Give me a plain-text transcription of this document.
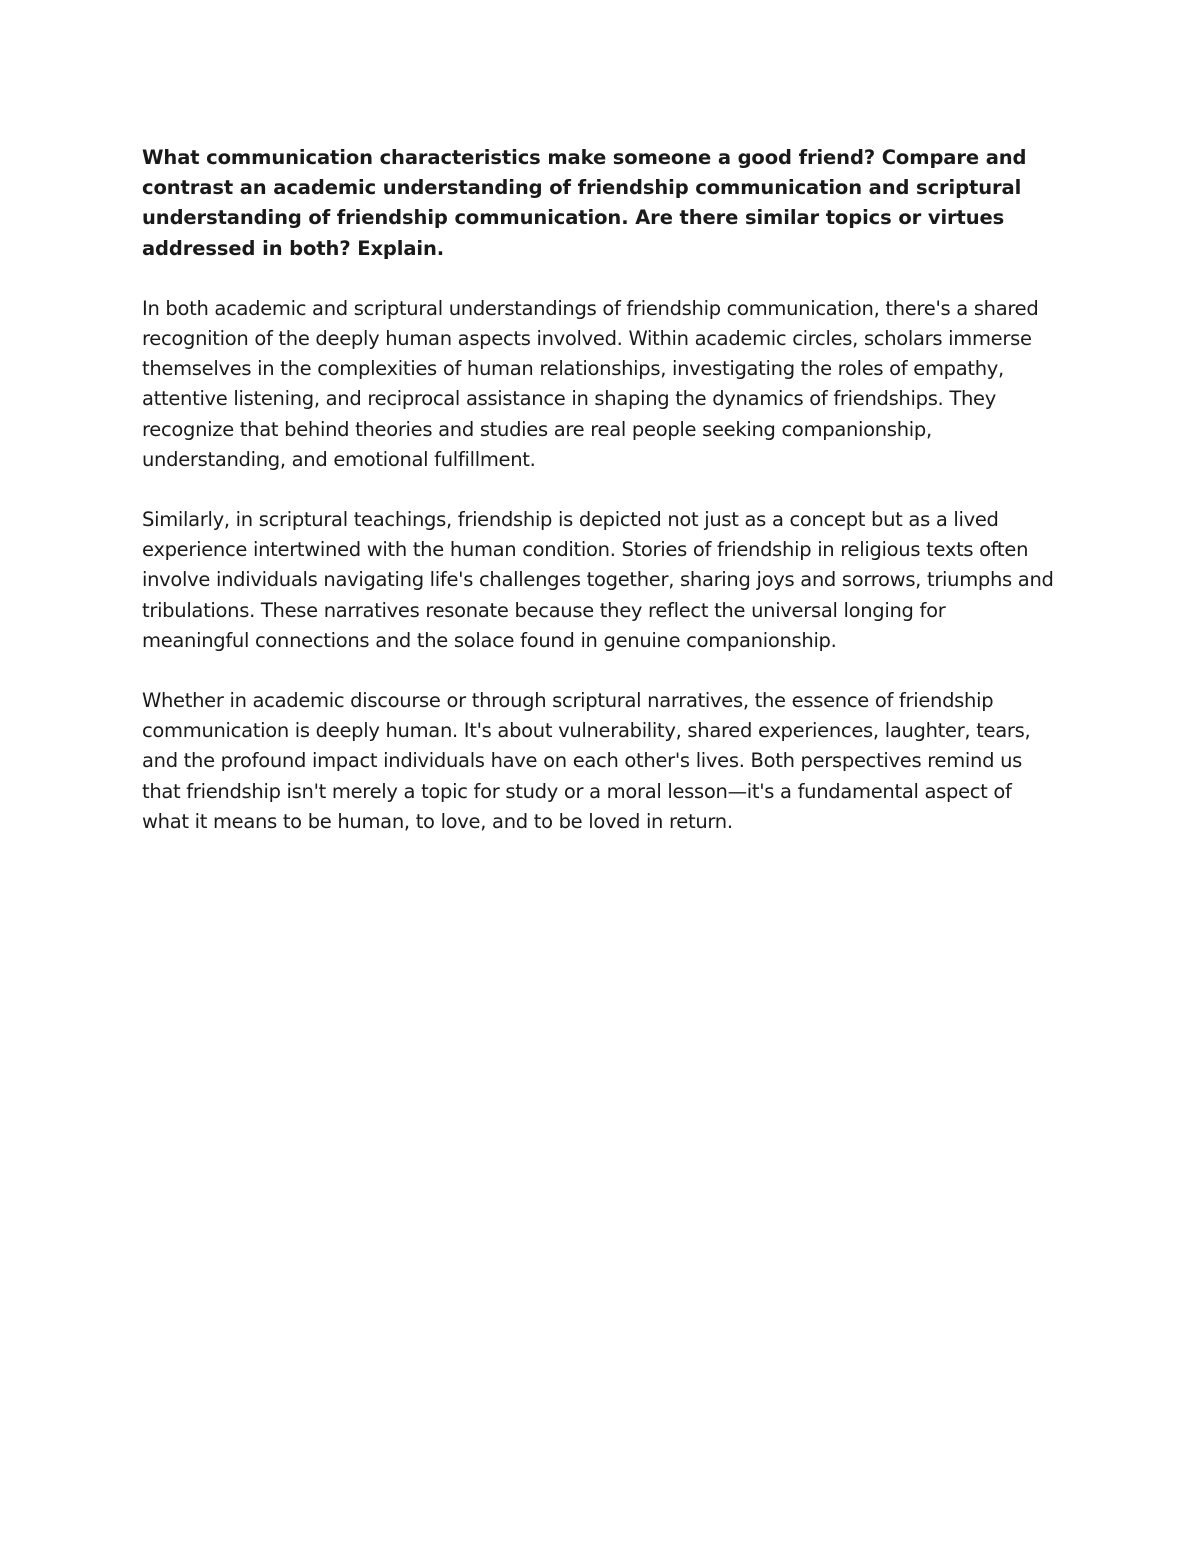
What communication characteristics make someone a good friend? Compare and contrast an academic understanding of friendship communication and scriptural understanding of friendship communication. Are there similar topics or virtues addressed in both? Explain.

In both academic and scriptural understandings of friendship communication, there's a shared recognition of the deeply human aspects involved. Within academic circles, scholars immerse themselves in the complexities of human relationships, investigating the roles of empathy, attentive listening, and reciprocal assistance in shaping the dynamics of friendships. They recognize that behind theories and studies are real people seeking companionship, understanding, and emotional fulfillment.

Similarly, in scriptural teachings, friendship is depicted not just as a concept but as a lived experience intertwined with the human condition. Stories of friendship in religious texts often involve individuals navigating life's challenges together, sharing joys and sorrows, triumphs and tribulations. These narratives resonate because they reflect the universal longing for meaningful connections and the solace found in genuine companionship.

Whether in academic discourse or through scriptural narratives, the essence of friendship communication is deeply human. It's about vulnerability, shared experiences, laughter, tears, and the profound impact individuals have on each other's lives. Both perspectives remind us that friendship isn't merely a topic for study or a moral lesson—it's a fundamental aspect of what it means to be human, to love, and to be loved in return.
